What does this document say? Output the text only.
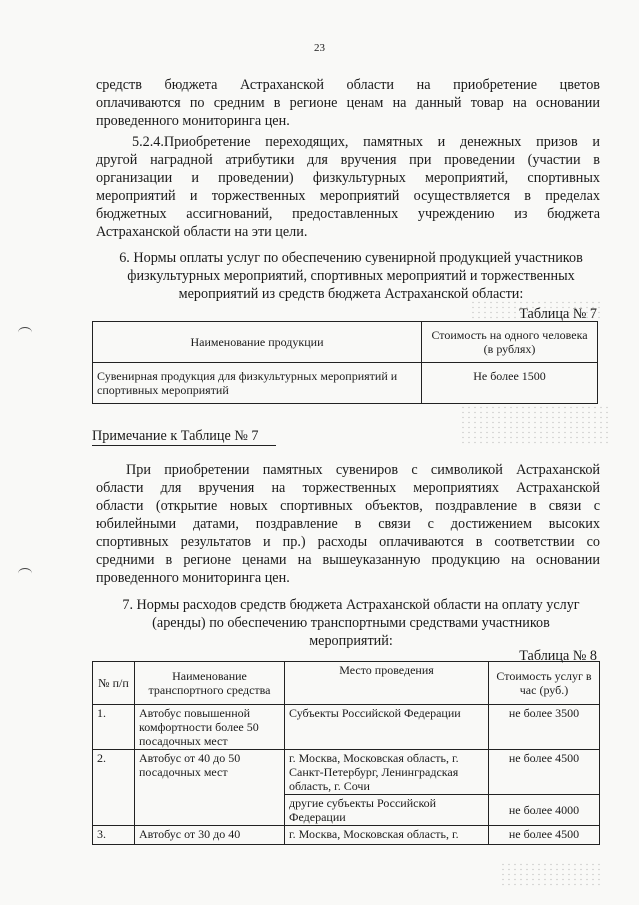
23
средств бюджета Астраханской области на приобретение цветов
оплачиваются по средним в регионе ценам на данный товар на основании
проведенного мониторинга цен.
5.2.4.Приобретение переходящих, памятных и денежных призов и
другой наградной атрибутики для вручения при проведении (участии в
организации и проведении) физкультурных мероприятий, спортивных
мероприятий и торжественных мероприятий осуществляется в пределах
бюджетных ассигнований, предоставленных учреждению из бюджета
Астраханской области на эти цели.
6. Нормы оплаты услуг по обеспечению сувенирной продукцией участников
физкультурных мероприятий, спортивных мероприятий и торжественных
мероприятий из средств бюджета Астраханской области:
Таблица № 7
Наименование продукции	Стоимость на одного человека (в рублях)
Сувенирная продукция для физкультурных мероприятий и спортивных мероприятий	Не более 1500
Примечание к Таблице № 7
При приобретении памятных сувениров с символикой Астраханской
области для вручения на торжественных мероприятиях Астраханской
области (открытие новых спортивных объектов, поздравление в связи с
юбилейными датами, поздравление в связи с достижением высоких
спортивных результатов и пр.) расходы оплачиваются в соответствии со
средними в регионе ценами на вышеуказанную продукцию на основании
проведенного мониторинга цен.
7. Нормы расходов средств бюджета Астраханской области на оплату услуг
(аренды) по обеспечению транспортными средствами участников
мероприятий:
Таблица № 8
№ п/п	Наименование транспортного средства	Место проведения	Стоимость услуг в час (руб.)
1.	Автобус повышенной комфортности более 50 посадочных мест	Субъекты Российской Федерации	не более 3500
2.	Автобус от 40 до 50 посадочных мест	г. Москва, Московская область, г. Санкт-Петербург, Ленинградская область, г. Сочи	не более 4500
		другие субъекты Российской Федерации	не более 4000
3.	Автобус от 30 до 40	г. Москва, Московская область, г.	не более 4500
